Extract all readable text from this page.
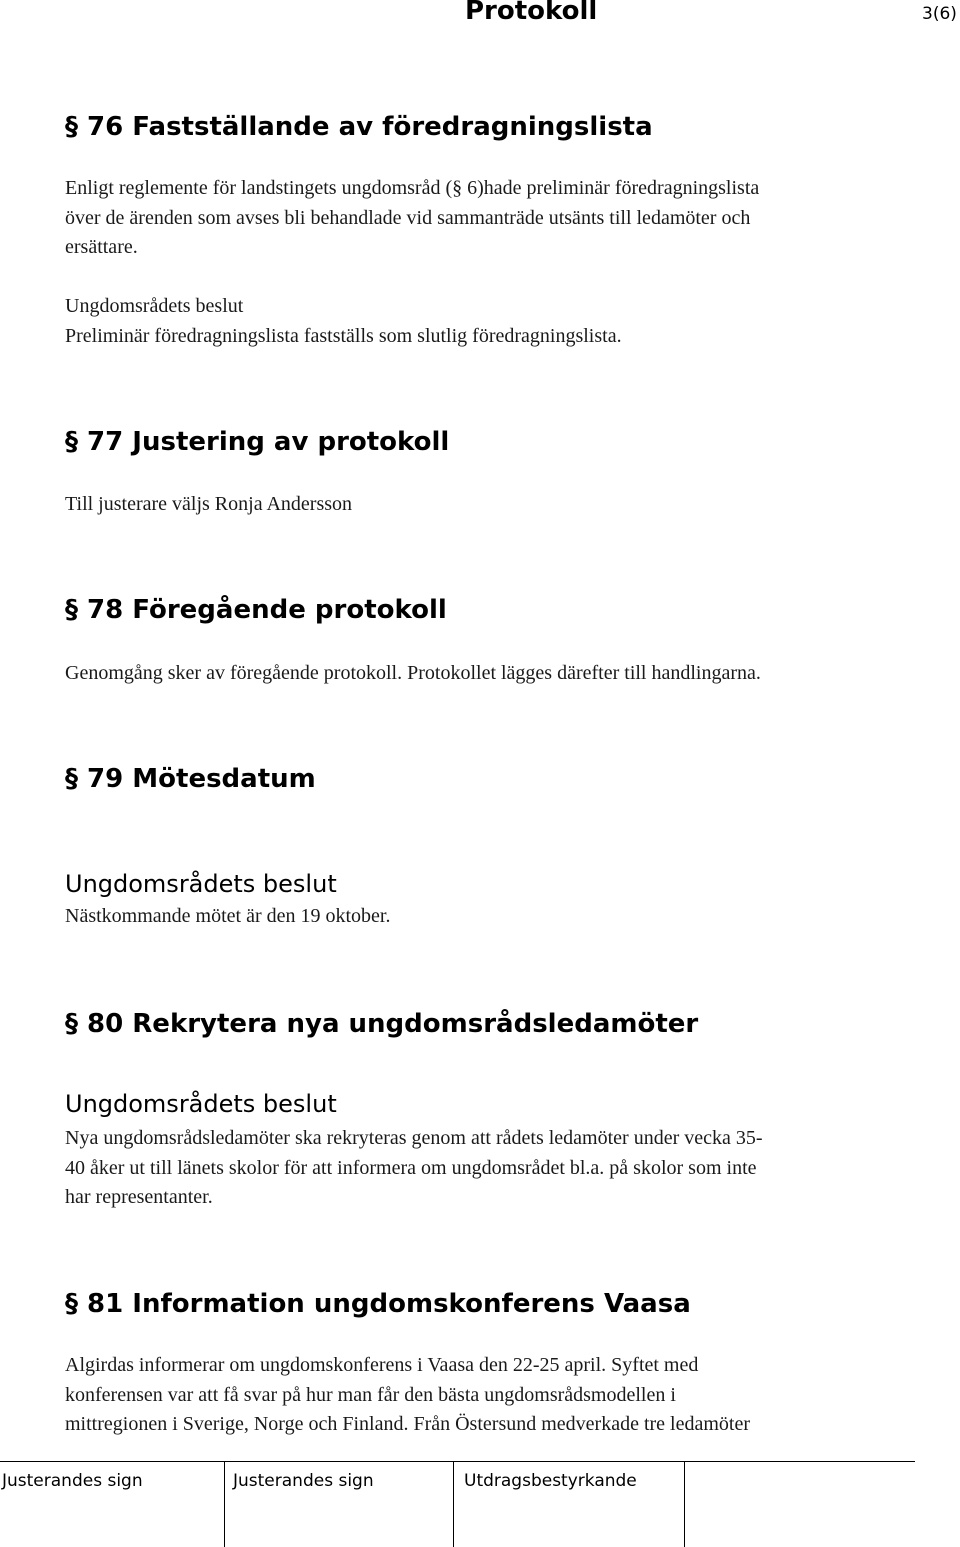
Protokoll	3(6)
§ 76 Fastställande av föredragningslista
Enligt reglemente för landstingets ungdomsråd (§ 6)hade preliminär föredragningslista
över de ärenden som avses bli behandlade vid sammanträde utsänts till ledamöter och
ersättare.
Ungdomsrådets beslut
Preliminär föredragningslista fastställs som slutlig föredragningslista.
§ 77 Justering av protokoll
Till justerare väljs Ronja Andersson
§ 78 Föregående protokoll
Genomgång sker av föregående protokoll. Protokollet lägges därefter till handlingarna.
§ 79 Mötesdatum
Ungdomsrådets beslut
Nästkommande mötet är den 19 oktober.
§ 80 Rekrytera nya ungdomsrådsledamöter
Ungdomsrådets beslut
Nya ungdomsrådsledamöter ska rekryteras genom att rådets ledamöter under vecka 35-
40 åker ut till länets skolor för att informera om ungdomsrådet bl.a. på skolor som inte
har representanter.
§ 81 Information ungdomskonferens Vaasa
Algirdas informerar om ungdomskonferens i Vaasa den 22-25 april. Syftet med
konferensen var att få svar på hur man får den bästa ungdomsrådsmodellen i
mittregionen i Sverige, Norge och Finland. Från Östersund medverkade tre ledamöter
Justerandes sign	Justerandes sign	Utdragsbestyrkande
